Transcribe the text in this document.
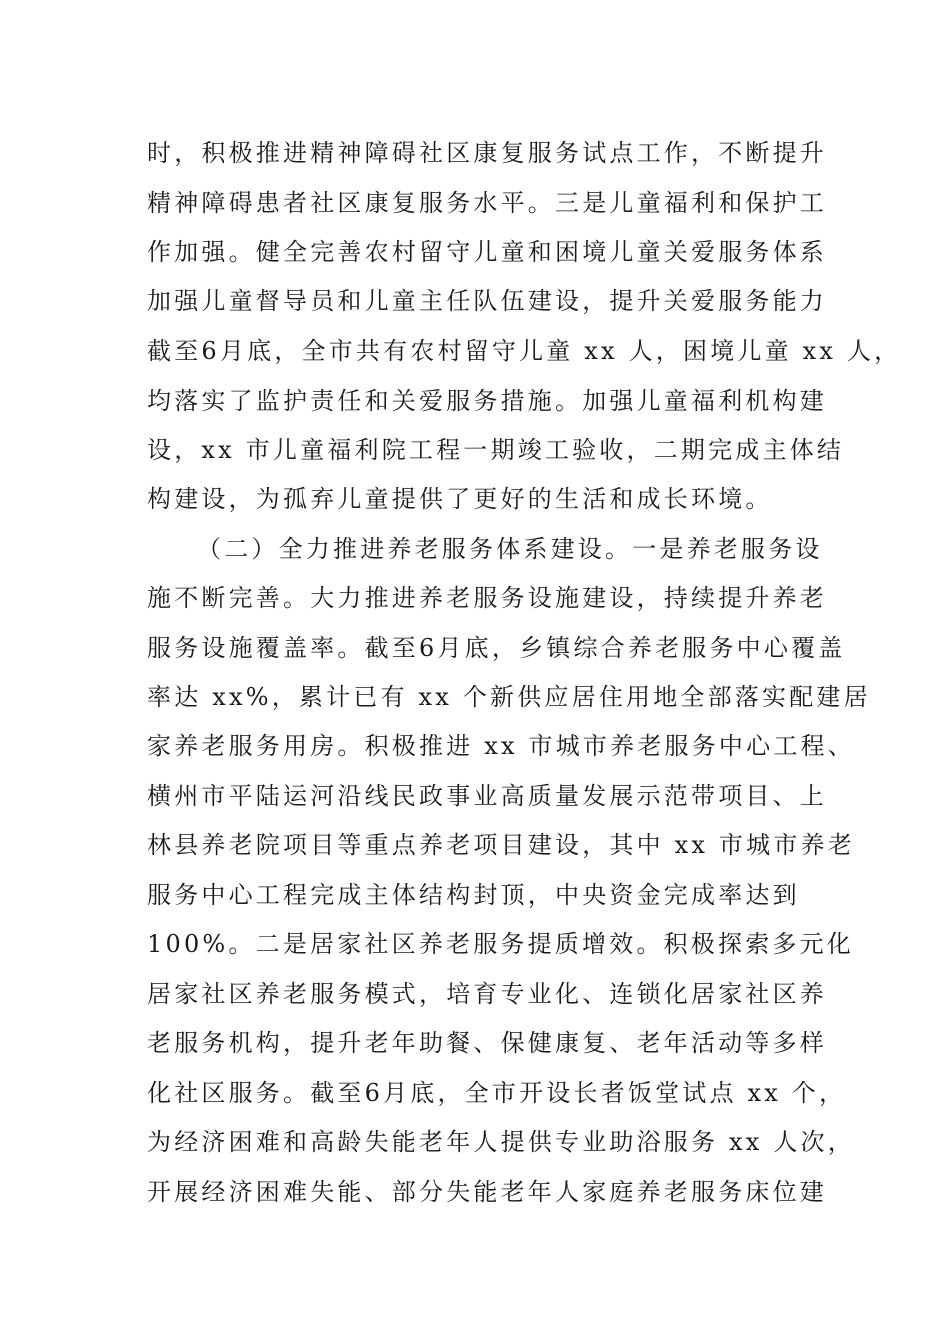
时，积极推进精神障碍社区康复服务试点工作，不断提升
精神障碍患者社区康复服务水平。三是儿童福利和保护工
作加强。健全完善农村留守儿童和困境儿童关爱服务体系
加强儿童督导员和儿童主任队伍建设，提升关爱服务能力
截至6月底，全市共有农村留守儿童 xx 人，困境儿童 xx 人，
均落实了监护责任和关爱服务措施。加强儿童福利机构建
设，xx 市儿童福利院工程一期竣工验收，二期完成主体结
构建设，为孤弃儿童提供了更好的生活和成长环境。
（二）全力推进养老服务体系建设。一是养老服务设
施不断完善。大力推进养老服务设施建设，持续提升养老
服务设施覆盖率。截至6月底，乡镇综合养老服务中心覆盖
率达 xx%，累计已有 xx 个新供应居住用地全部落实配建居
家养老服务用房。积极推进 xx 市城市养老服务中心工程、
横州市平陆运河沿线民政事业高质量发展示范带项目、上
林县养老院项目等重点养老项目建设，其中 xx 市城市养老
服务中心工程完成主体结构封顶，中央资金完成率达到
100%。二是居家社区养老服务提质增效。积极探索多元化
居家社区养老服务模式，培育专业化、连锁化居家社区养
老服务机构，提升老年助餐、保健康复、老年活动等多样
化社区服务。截至6月底，全市开设长者饭堂试点 xx 个，
为经济困难和高龄失能老年人提供专业助浴服务 xx 人次，
开展经济困难失能、部分失能老年人家庭养老服务床位建
